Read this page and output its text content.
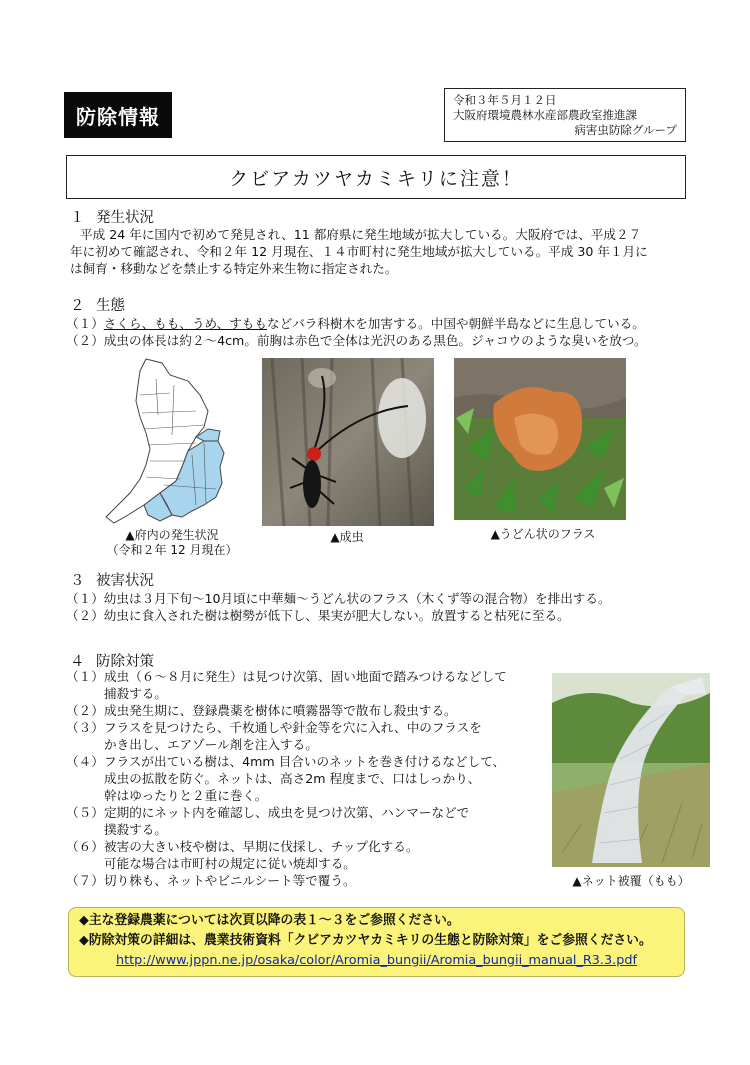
防除情報
令和３年５月１２日
大阪府環境農林水産部農政室推進課
病害虫防除グループ
クビアカツヤカミキリに注意！
１ 発生状況
平成 24 年に国内で初めて発見され、11 都府県に発生地域が拡大している。大阪府では、平成２７
年に初めて確認され、令和２年 12 月現在、１４市町村に発生地域が拡大している。平成 30 年１月に
は飼育・移動などを禁止する特定外来生物に指定された。
２ 生態
（１）さくら、もも、うめ、すももなどバラ科樹木を加害する。中国や朝鮮半島などに生息している。
（２）成虫の体長は約２～4cm。前胸は赤色で全体は光沢のある黒色。ジャコウのような臭いを放つ。
▲府内の発生状況
（令和２年 12 月現在）
▲成虫	▲うどん状のフラス
３ 被害状況
（１）幼虫は３月下旬～10月頃に中華麺～うどん状のフラス（木くず等の混合物）を排出する。
（２）幼虫に食入された樹は樹勢が低下し、果実が肥大しない。放置すると枯死に至る。
４ 防除対策
（１） 成虫（６～８月に発生）は見つけ次第、固い地面で踏みつけるなどして
捕殺する。
（２） 成虫発生期に、登録農薬を樹体に噴霧器等で散布し殺虫する。
（３） フラスを見つけたら、千枚通しや針金等を穴に入れ、中のフラスを
かき出し、エアゾール剤を注入する。
（４） フラスが出ている樹は、4mm 目合いのネットを巻き付けるなどして、
成虫の拡散を防ぐ。ネットは、高さ2m 程度まで、口はしっかり、
幹はゆったりと２重に巻く。
（５） 定期的にネット内を確認し、成虫を見つけ次第、ハンマーなどで
撲殺する。
（６） 被害の大きい枝や樹は、早期に伐採し、チップ化する。
可能な場合は市町村の規定に従い焼却する。
（７） 切り株も、ネットやビニルシート等で覆う。	▲ネット被覆（もも）
◆主な登録農薬については次頁以降の表１～３をご参照ください。
◆防除対策の詳細は、農業技術資料「クビアカツヤカミキリの生態と防除対策」をご参照ください。
http://www.jppn.ne.jp/osaka/color/Aromia_bungii/Aromia_bungii_manual_R3.3.pdf
